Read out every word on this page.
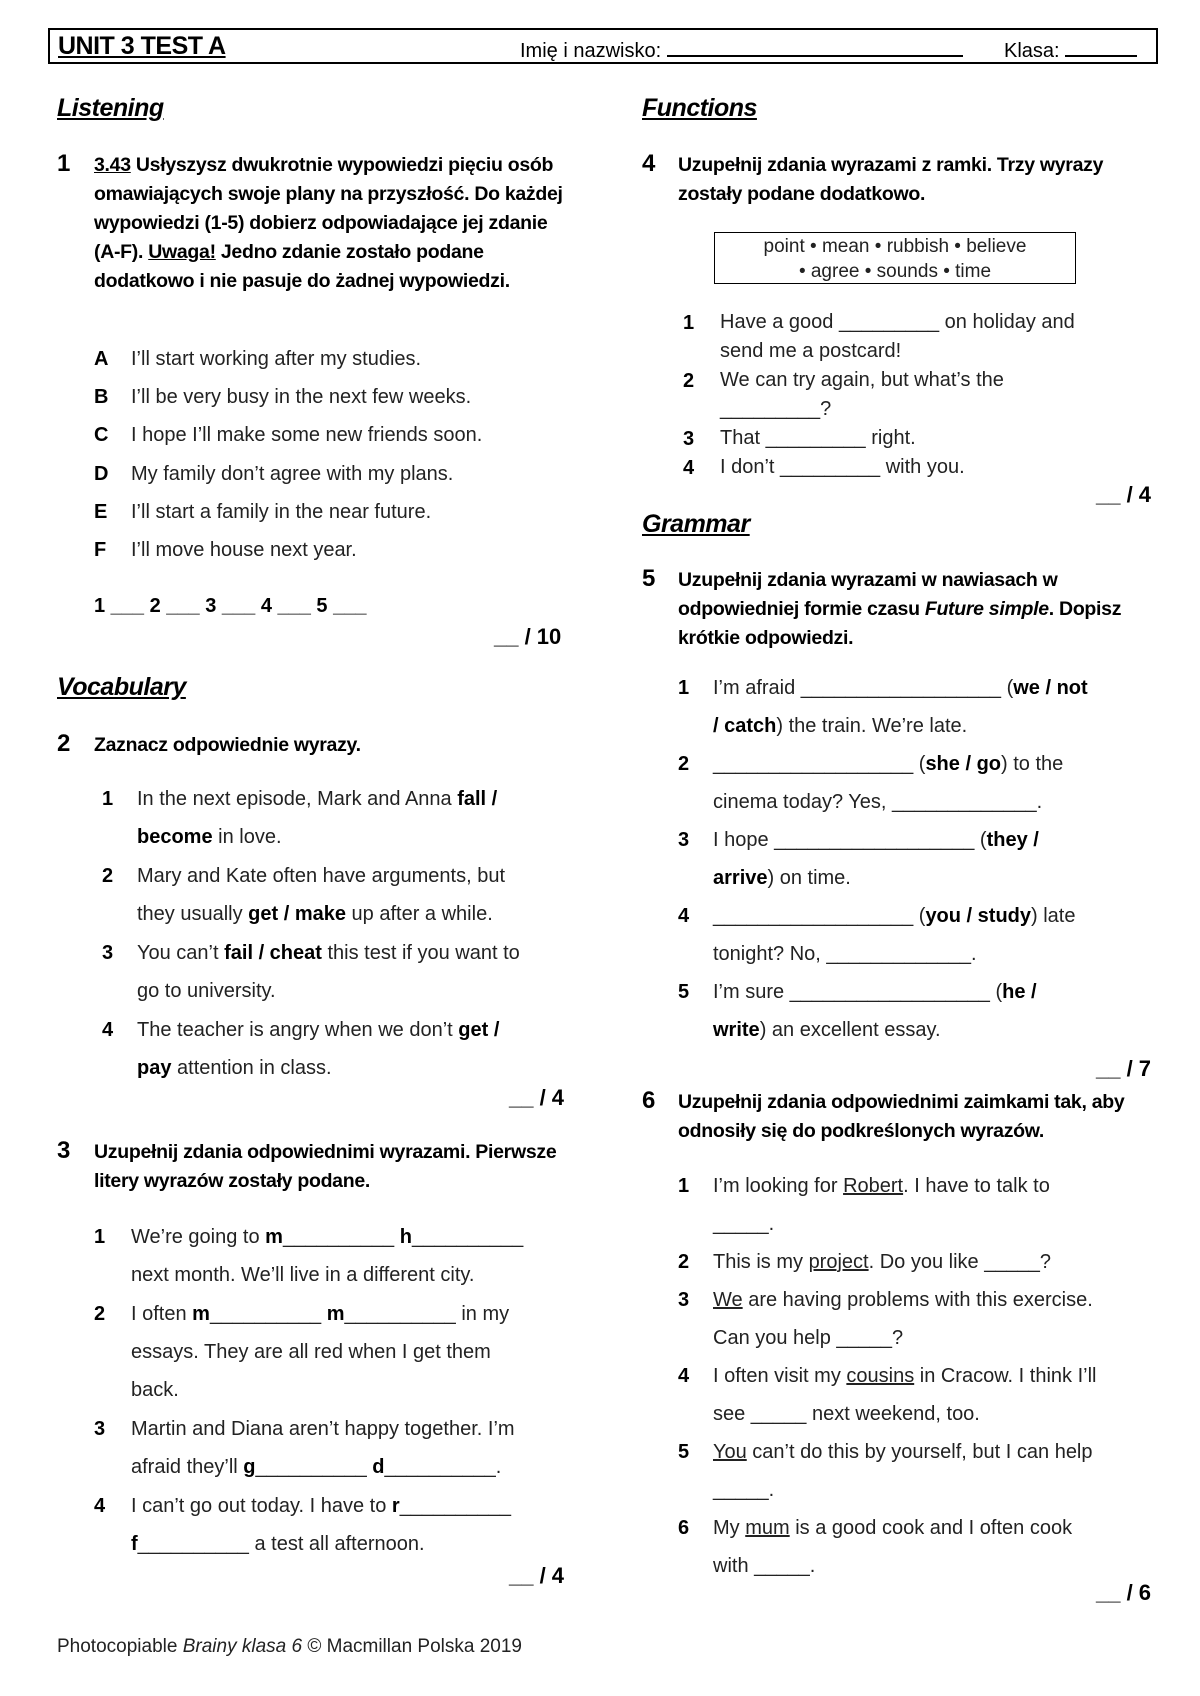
UNIT 3 TEST A	Imię i nazwisko:	Klasa:
Listening
1 3.43 Usłyszysz dwukrotnie wypowiedzi pięciu osób omawiających swoje plany na przyszłość. Do każdej wypowiedzi (1-5) dobierz odpowiadające jej zdanie (A-F). Uwaga! Jedno zdanie zostało podane dodatkowo i nie pasuje do żadnej wypowiedzi.
A I’ll start working after my studies.
B I’ll be very busy in the next few weeks.
C I hope I’ll make some new friends soon.
D My family don’t agree with my plans.
E I’ll start a family in the near future.
F I’ll move house next year.
1 ___ 2 ___ 3 ___ 4 ___ 5 ___
__ / 10
Vocabulary
2 Zaznacz odpowiednie wyrazy.
1 In the next episode, Mark and Anna fall /
become in love.
2 Mary and Kate often have arguments, but
they usually get / make up after a while.
3 You can’t fail / cheat this test if you want to
go to university.
4 The teacher is angry when we don’t get /
pay attention in class.
__ / 4
3 Uzupełnij zdania odpowiednimi wyrazami. Pierwsze litery wyrazów zostały podane.
1 We’re going to m__________ h__________
next month. We’ll live in a different city.
2 I often m__________ m__________ in my
essays. They are all red when I get them
back.
3 Martin and Diana aren’t happy together. I’m
afraid they’ll g__________ d__________.
4 I can’t go out today. I have to r__________
f__________ a test all afternoon.
__ / 4
Functions
4 Uzupełnij zdania wyrazami z ramki. Trzy wyrazy zostały podane dodatkowo.
point • mean • rubbish • believe
• agree • sounds • time
1 Have a good _________ on holiday and
send me a postcard!
2 We can try again, but what’s the
_________?
3 That _________ right.
4 I don’t _________ with you.
__ / 4
Grammar
5 Uzupełnij zdania wyrazami w nawiasach w odpowiedniej formie czasu Future simple. Dopisz krótkie odpowiedzi.
1 I’m afraid __________________ (we / not
/ catch) the train. We’re late.
2 __________________ (she / go) to the
cinema today? Yes, _____________.
3 I hope __________________ (they /
arrive) on time.
4 __________________ (you / study) late
tonight? No, _____________.
5 I’m sure __________________ (he /
write) an excellent essay.
__ / 7
6 Uzupełnij zdania odpowiednimi zaimkami tak, aby odnosiły się do podkreślonych wyrazów.
1 I’m looking for Robert. I have to talk to
_____.
2 This is my project. Do you like _____?
3 We are having problems with this exercise.
Can you help _____?
4 I often visit my cousins in Cracow. I think I’ll
see _____ next weekend, too.
5 You can’t do this by yourself, but I can help
_____.
6 My mum is a good cook and I often cook
with _____.
__ / 6
Photocopiable Brainy klasa 6 © Macmillan Polska 2019
